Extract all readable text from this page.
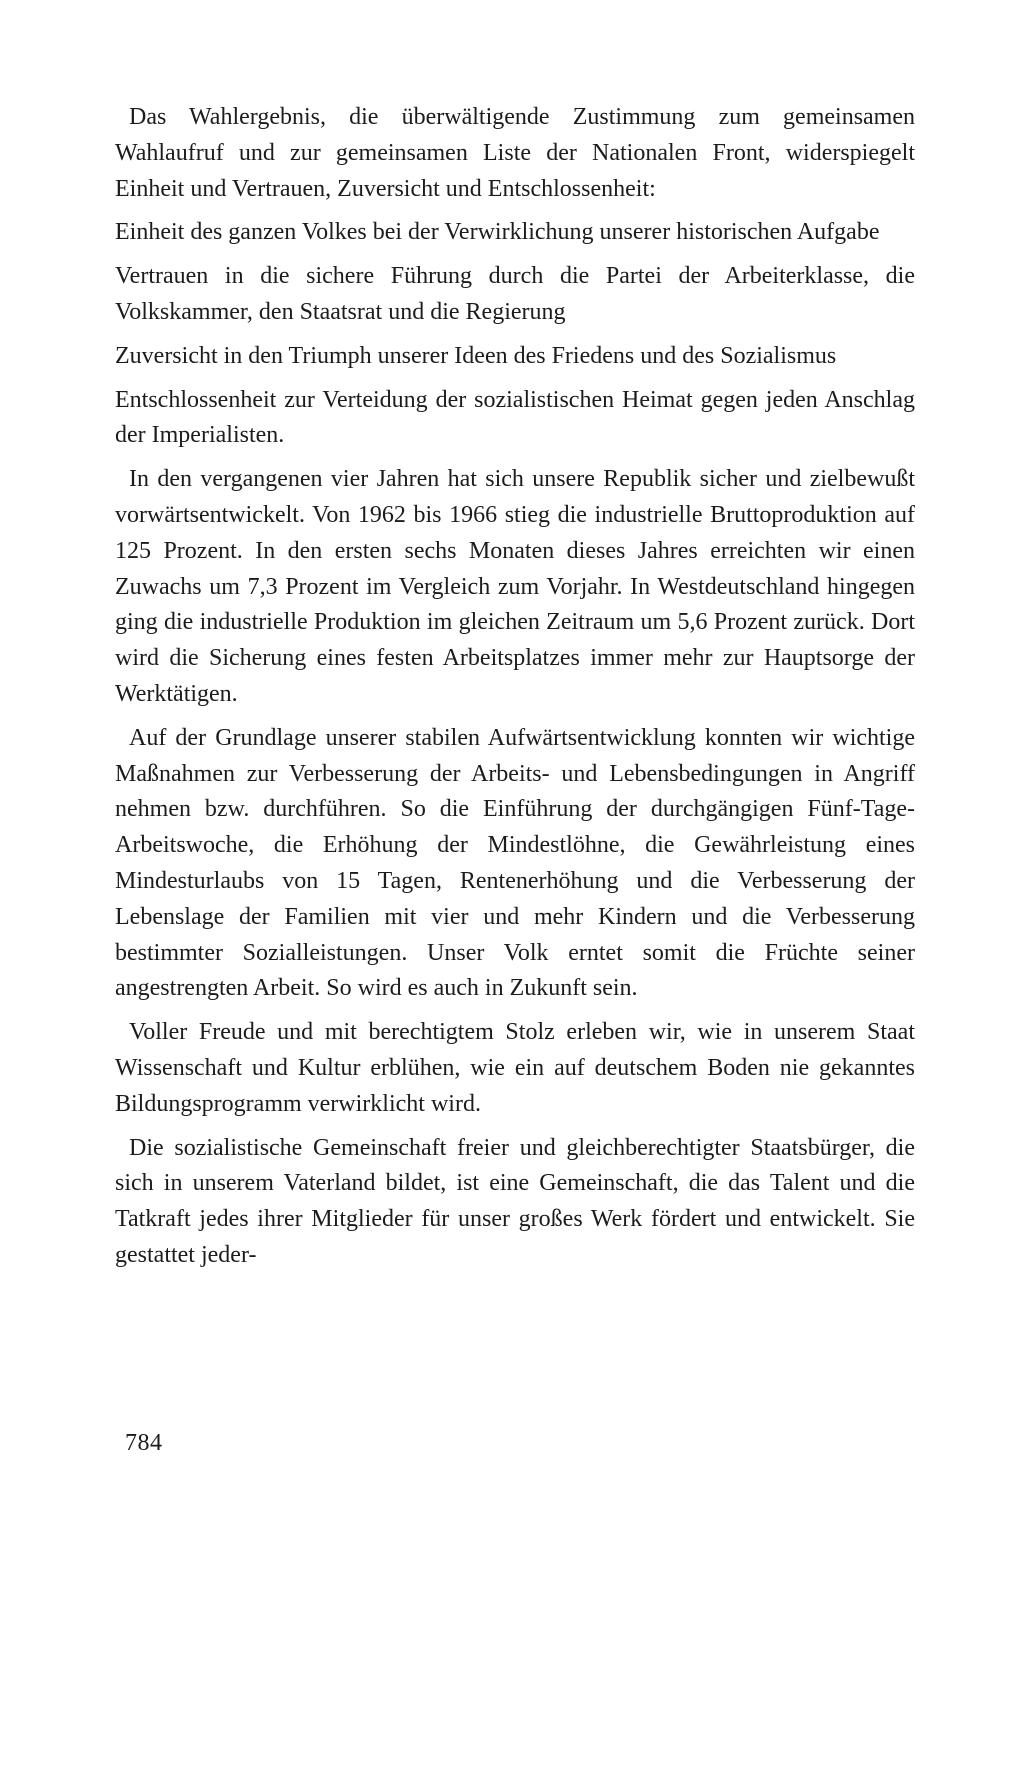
Das Wahlergebnis, die überwältigende Zustimmung zum gemeinsamen Wahlaufruf und zur gemeinsamen Liste der Nationalen Front, widerspiegelt Einheit und Vertrauen, Zuversicht und Entschlossenheit:

Einheit des ganzen Volkes bei der Verwirklichung unserer historischen Aufgabe

Vertrauen in die sichere Führung durch die Partei der Arbeiterklasse, die Volkskammer, den Staatsrat und die Regierung

Zuversicht in den Triumph unserer Ideen des Friedens und des Sozialismus

Entschlossenheit zur Verteidung der sozialistischen Heimat gegen jeden Anschlag der Imperialisten.

In den vergangenen vier Jahren hat sich unsere Republik sicher und zielbewußt vorwärtsentwickelt. Von 1962 bis 1966 stieg die industrielle Bruttoproduktion auf 125 Prozent. In den ersten sechs Monaten dieses Jahres erreichten wir einen Zuwachs um 7,3 Prozent im Vergleich zum Vorjahr. In Westdeutschland hingegen ging die industrielle Produktion im gleichen Zeitraum um 5,6 Prozent zurück. Dort wird die Sicherung eines festen Arbeitsplatzes immer mehr zur Hauptsorge der Werktätigen.

Auf der Grundlage unserer stabilen Aufwärtsentwicklung konnten wir wichtige Maßnahmen zur Verbesserung der Arbeits- und Lebensbedingungen in Angriff nehmen bzw. durchführen. So die Einführung der durchgängigen Fünf-Tage-Arbeitswoche, die Erhöhung der Mindestlöhne, die Gewährleistung eines Mindesturlaubs von 15 Tagen, Rentenerhöhung und die Verbesserung der Lebenslage der Familien mit vier und mehr Kindern und die Verbesserung bestimmter Sozialleistungen. Unser Volk erntet somit die Früchte seiner angestrengten Arbeit. So wird es auch in Zukunft sein.

Voller Freude und mit berechtigtem Stolz erleben wir, wie in unserem Staat Wissenschaft und Kultur erblühen, wie ein auf deutschem Boden nie gekanntes Bildungsprogramm verwirklicht wird.

Die sozialistische Gemeinschaft freier und gleichberechtigter Staatsbürger, die sich in unserem Vaterland bildet, ist eine Gemeinschaft, die das Talent und die Tatkraft jedes ihrer Mitglieder für unser großes Werk fördert und entwickelt. Sie gestattet jeder-

784
